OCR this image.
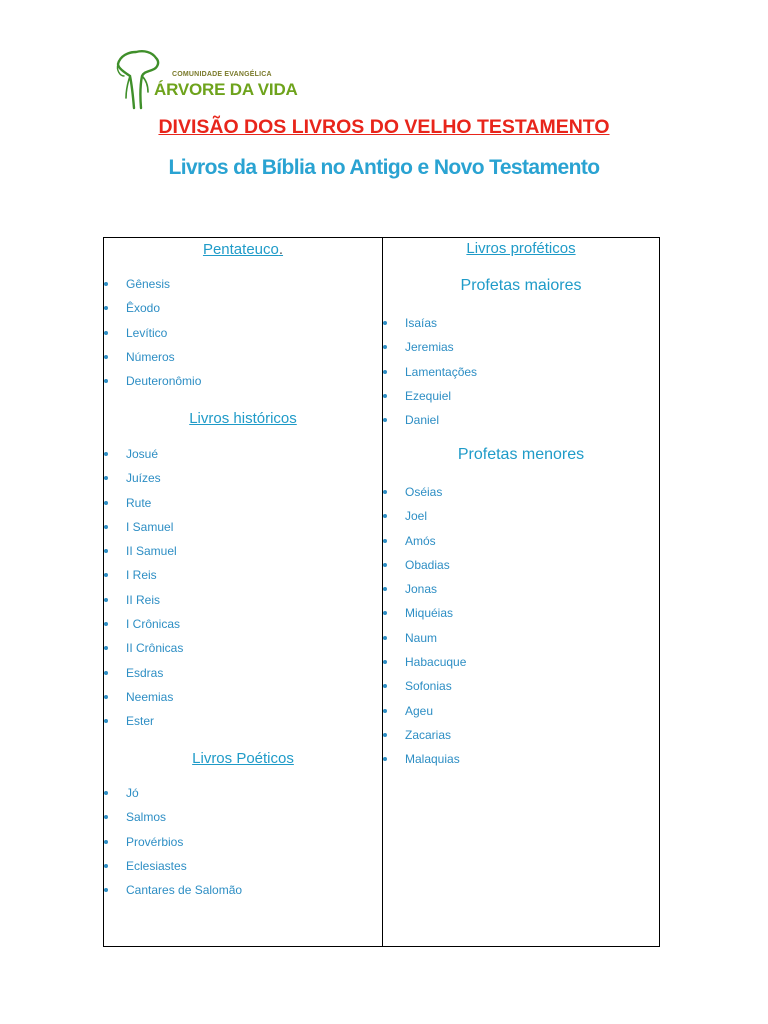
COMUNIDADE EVANGÉLICA
ÁRVORE DA VIDA
DIVISÃO DOS LIVROS DO VELHO TESTAMENTO
Livros da Bíblia no Antigo e Novo Testamento
Pentateuco.
Gênesis
Êxodo
Levítico
Números
Deuteronômio
Livros históricos
Josué
Juízes
Rute
I Samuel
II Samuel
I Reis
II Reis
I Crônicas
II Crônicas
Esdras
Neemias
Ester
Livros Poéticos
Jó
Salmos
Provérbios
Eclesiastes
Cantares de Salomão
Livros proféticos
Profetas maiores
Isaías
Jeremias
Lamentações
Ezequiel
Daniel
Profetas menores
Oséias
Joel
Amós
Obadias
Jonas
Miquéias
Naum
Habacuque
Sofonias
Ageu
Zacarias
Malaquias
